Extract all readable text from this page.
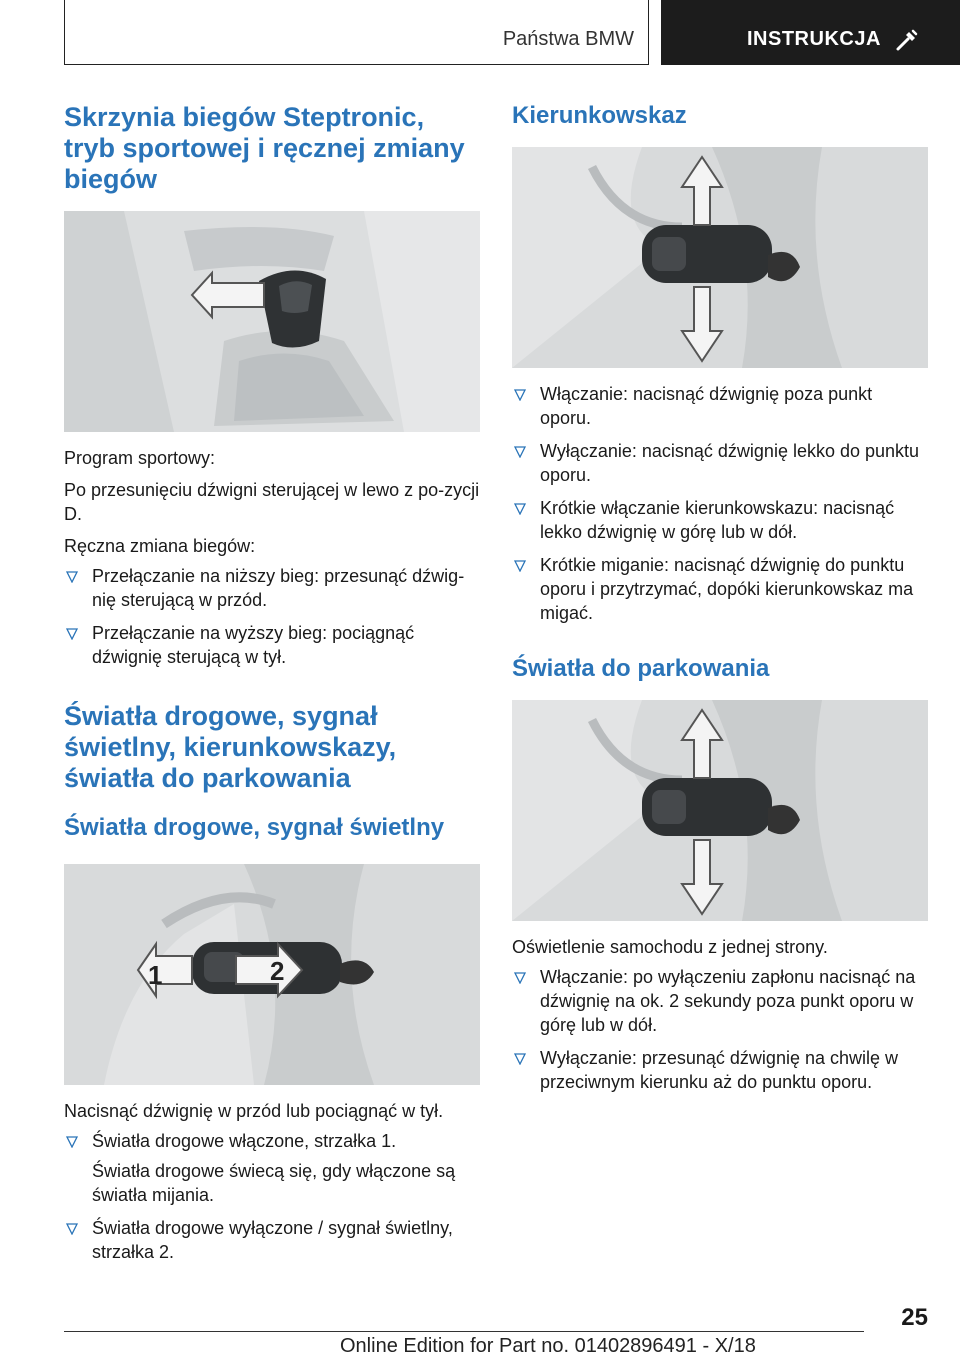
Państwa BMW	INSTRUKCJA
Skrzynia biegów Steptronic, tryb sportowej i ręcznej zmiany biegów

Program sportowy:

Po przesunięciu dźwigni sterującej w lewo z po-zycji D.

Ręczna zmiana biegów:

Przełączanie na niższy bieg: przesunąć dźwig-nię sterującą w przód.
Przełączanie na wyższy bieg: pociągnąć dźwignię sterującą w tył.
Światła drogowe, sygnał świetlny, kierunkowskazy, światła do parkowania
Światła drogowe, sygnał świetlny
1	2

Nacisnąć dźwignię w przód lub pociągnąć w tył.

Światła drogowe włączone, strzałka 1.

Światła drogowe świecą się, gdy włączone są światła mijania.

Światła drogowe wyłączone / sygnał świetlny, strzałka 2.
Kierunkowskaz
Włączanie: nacisnąć dźwignię poza punkt oporu.
Wyłączanie: nacisnąć dźwignię lekko do punktu oporu.
Krótkie włączanie kierunkowskazu: nacisnąć lekko dźwignię w górę lub w dół.
Krótkie miganie: nacisnąć dźwignię do punktu oporu i przytrzymać, dopóki kierunkowskaz ma migać.
Światła do parkowania

Oświetlenie samochodu z jednej strony.

Włączanie: po wyłączeniu zapłonu nacisnąć na dźwignię na ok. 2 sekundy poza punkt oporu w górę lub w dół.
Wyłączanie: przesunąć dźwignię na chwilę w przeciwnym kierunku aż do punktu oporu.
25
Online Edition for Part no. 01402896491 - X/18
